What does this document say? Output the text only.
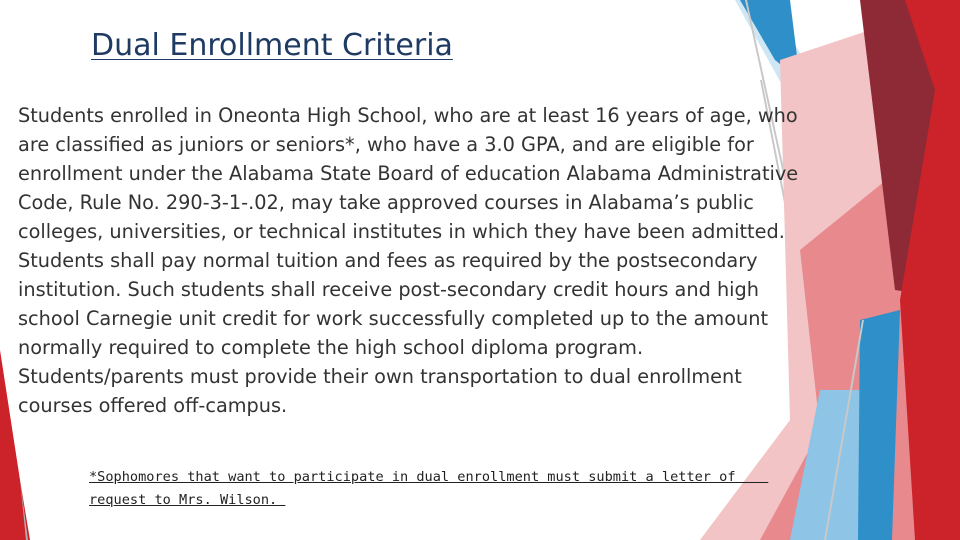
Dual Enrollment Criteria

Students enrolled in Oneonta High School, who are at least 16 years of age, who are classified as juniors or seniors*, who have a 3.0 GPA, and are eligible for enrollment under the Alabama State Board of education Alabama Administrative Code, Rule No. 290-3-1-.02, may take approved courses in Alabama’s public colleges, universities, or technical institutes in which they have been admitted. Students shall pay normal tuition and fees as required by the postsecondary institution. Such students shall receive post-secondary credit hours and high school Carnegie unit credit for work successfully completed up to the amount normally required to complete the high school diploma program. Students/parents must provide their own transportation to dual enrollment courses offered off-campus.

*Sophomores that want to participate in dual enrollment must submit a letter of
request to Mrs. Wilson.
